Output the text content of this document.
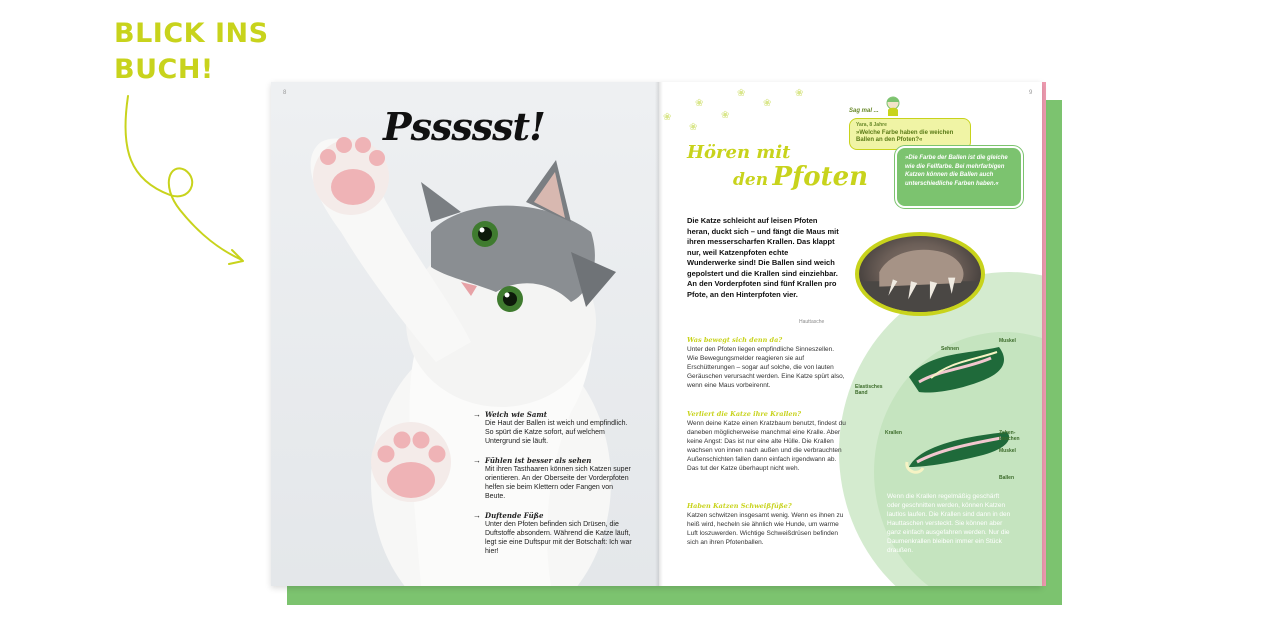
BLICK INS
BUCH!
8
Pssssst!
→ Weich wie Samt
Die Haut der Ballen ist weich und empfindlich. So spürt die Katze sofort, auf welchem Untergrund sie läuft.
→ Fühlen ist besser als sehen
Mit ihren Tasthaaren können sich Katzen super orientieren. An der Oberseite der Vorderpfoten helfen sie beim Klettern oder Fangen von Beute.
→ Duftende Füße
Unter den Pfoten befinden sich Drüsen, die Duftstoffe absondern. Während die Katze läuft, legt sie eine Duftspur mit der Botschaft: Ich war hier!
9
❀
❀
❀
❀
❀
❀
❀
Hören mit
den Pfoten
Die Katze schleicht auf leisen Pfoten heran, duckt sich – und fängt die Maus mit ihren messerscharfen Krallen. Das klappt nur, weil Katzenpfoten echte Wunderwerke sind! Die Ballen sind weich gepolstert und die Krallen sind einziehbar. An den Vorderpfoten sind fünf Krallen pro Pfote, an den Hinterpfoten vier.
Was bewegt sich denn da?
Unter den Pfoten liegen empfindliche Sinneszellen. Wie Bewegungsmelder reagieren sie auf Erschütterungen – sogar auf solche, die von lauten Geräuschen verursacht werden. Eine Katze spürt also, wenn eine Maus vorbeirennt.
Verliert die Katze ihre Krallen?
Wenn deine Katze einen Kratzbaum benutzt, findest du daneben möglicherweise manchmal eine Kralle. Aber keine Angst: Das ist nur eine alte Hülle. Die Krallen wachsen von innen nach außen und die verbrauchten Außenschichten fallen dann einfach irgendwann ab. Das tut der Katze überhaupt nicht weh.
Haben Katzen Schweißfüße?
Katzen schwitzen insgesamt wenig. Wenn es ihnen zu heiß wird, hecheln sie ähnlich wie Hunde, um warme Luft loszuwerden. Wichtige Schweißdrüsen befinden sich an ihren Pfotenballen.
Sag mal ...
Yara, 8 Jahre
»Welche Farbe haben die weichen Ballen an den Pfoten?«
»Die Farbe der Ballen ist die gleiche wie die Fellfarbe. Bei mehrfarbigen Katzen können die Ballen auch unterschiedliche Farben haben.«
Hauttasche
Sehnen
Muskel
Elastisches Band
Krallen	Zehen-knochen
Muskel
Ballen
Wenn die Krallen regelmäßig geschärft oder geschnitten werden, können Katzen lautlos laufen. Die Krallen sind dann in den Hauttaschen versteckt. Sie können aber ganz einfach ausgefahren werden. Nur die Daumenkrallen bleiben immer ein Stück draußen.
